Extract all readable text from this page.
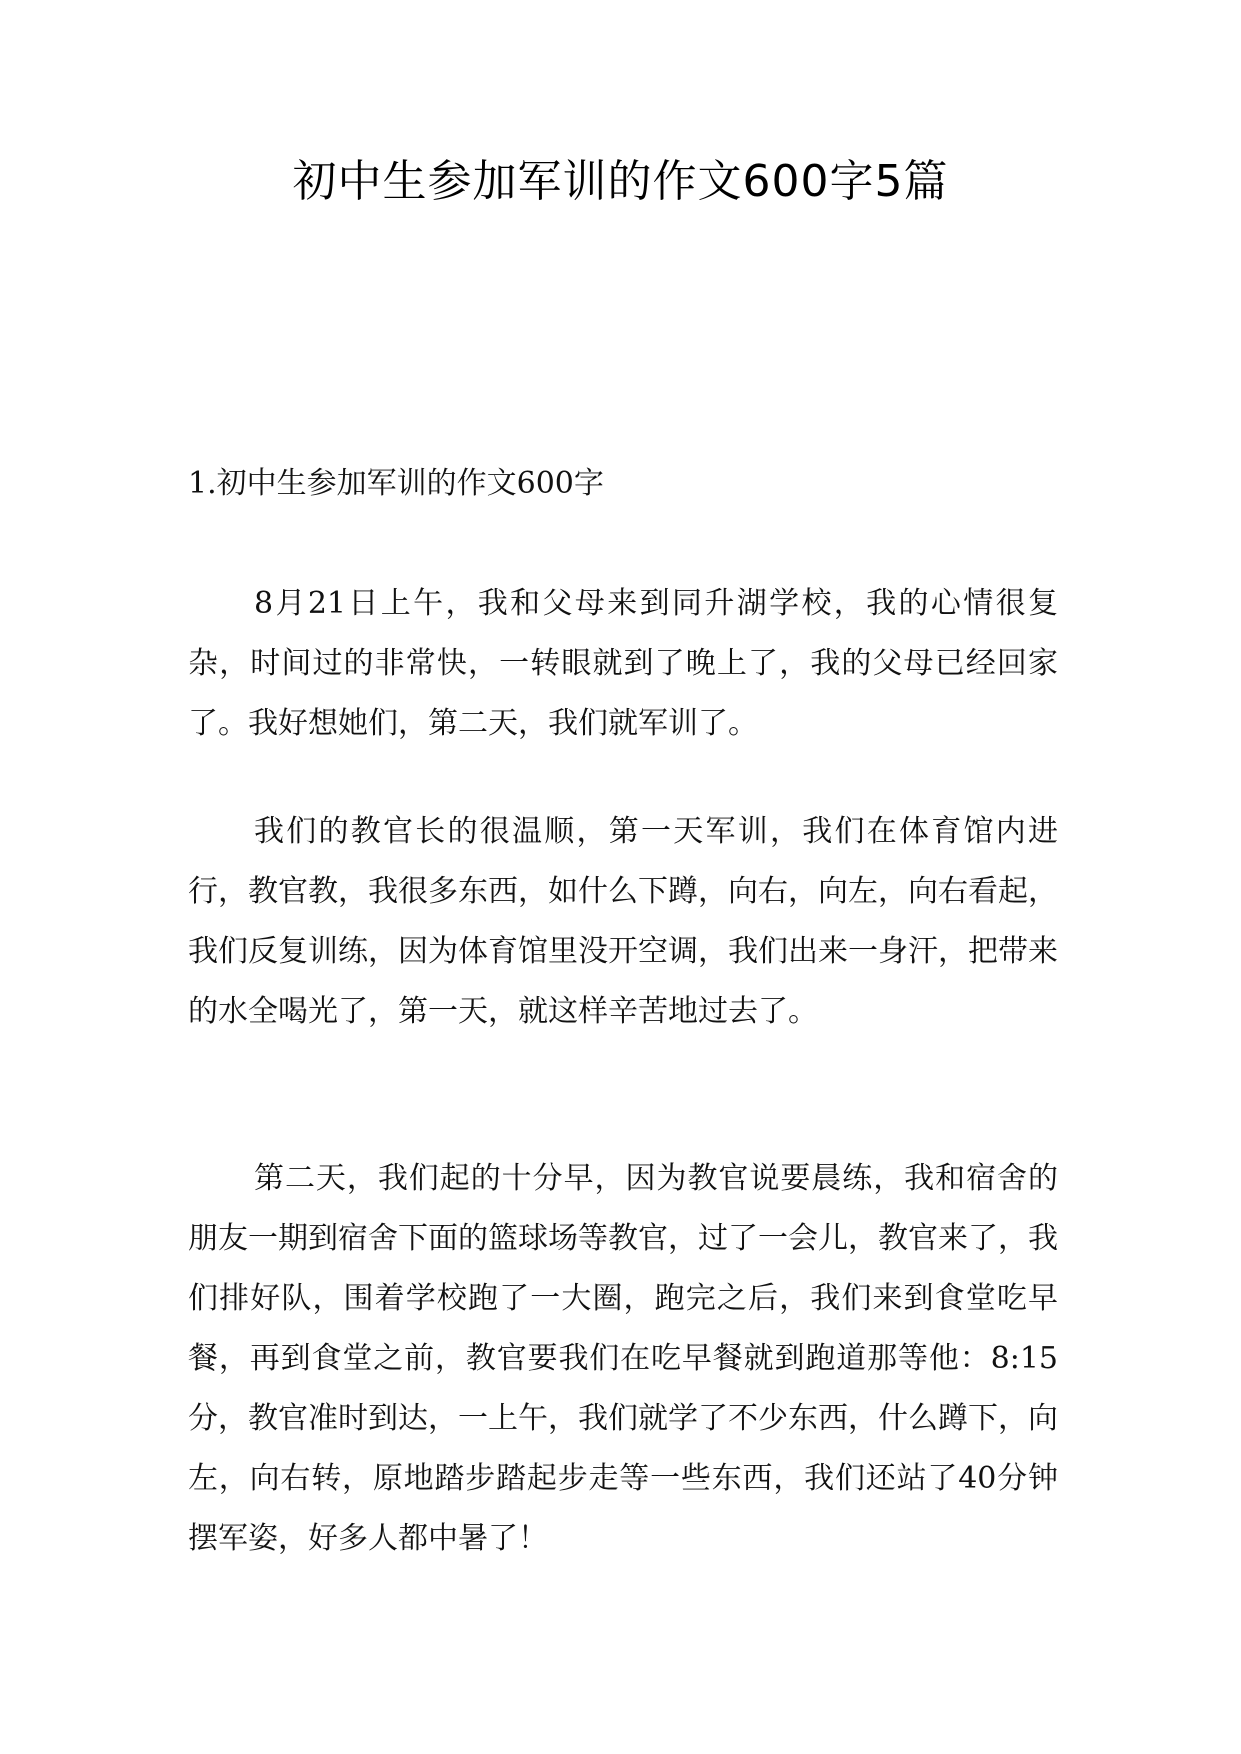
初中生参加军训的作文600字5篇
1.初中生参加军训的作文600字

8月21日上午，我和父母来到同升湖学校，我的心情很复杂，时间过的非常快，一转眼就到了晚上了，我的父母已经回家了。我好想她们，第二天，我们就军训了。

我们的教官长的很温顺，第一天军训，我们在体育馆内进行，教官教，我很多东西，如什么下蹲，向右，向左，向右看起，我们反复训练，因为体育馆里没开空调，我们出来一身汗，把带来的水全喝光了，第一天，就这样辛苦地过去了。

第二天，我们起的十分早，因为教官说要晨练，我和宿舍的朋友一期到宿舍下面的篮球场等教官，过了一会儿，教官来了，我们排好队，围着学校跑了一大圈，跑完之后，我们来到食堂吃早餐，再到食堂之前，教官要我们在吃早餐就到跑道那等他：8:15分，教官准时到达，一上午，我们就学了不少东西，什么蹲下，向左，向右转，原地踏步踏起步走等一些东西，我们还站了40分钟摆军姿，好多人都中暑了！
